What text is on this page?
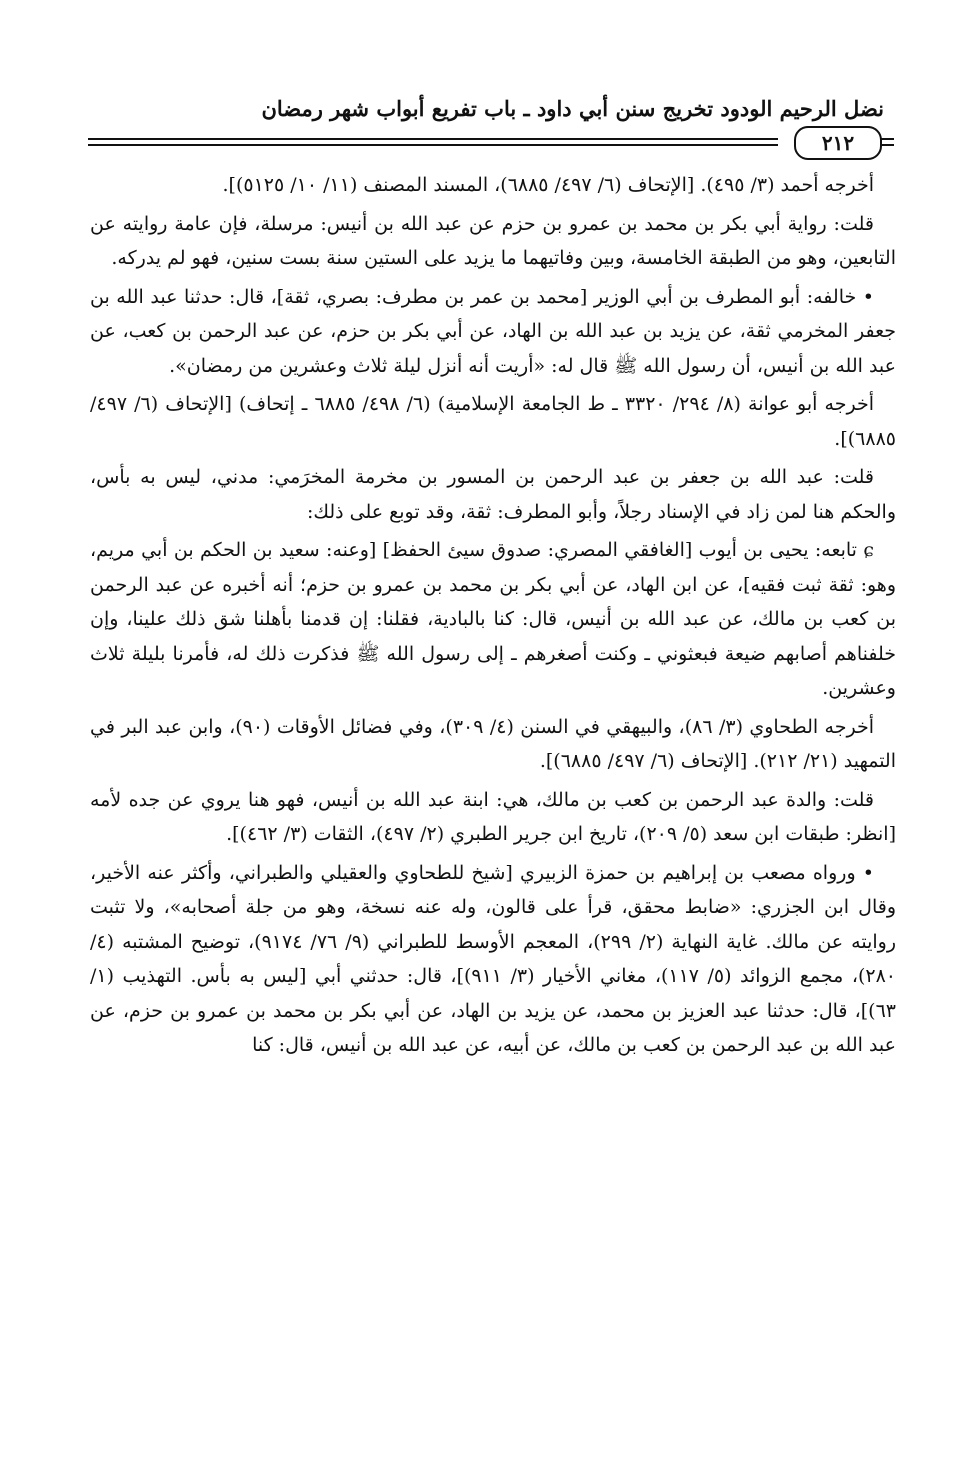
نضل الرحيم الودود تخريج سنن أبي داود ـ باب تفريع أبواب شهر رمضان
٢١٢

أخرجه أحمد (٣/ ٤٩٥). [الإتحاف (٦/ ٤٩٧/ ٦٨٨٥)، المسند المصنف (١١/ ١٠/ ٥١٢٥)].

قلت: رواية أبي بكر بن محمد بن عمرو بن حزم عن عبد الله بن أنيس: مرسلة، فإن عامة روايته عن التابعين، وهو من الطبقة الخامسة، وبين وفاتيهما ما يزيد على الستين سنة بست سنين، فهو لم يدركه.

• خالفه: أبو المطرف بن أبي الوزير [محمد بن عمر بن مطرف: بصري، ثقة]، قال: حدثنا عبد الله بن جعفر المخرمي ثقة، عن يزيد بن عبد الله بن الهاد، عن أبي بكر بن حزم، عن عبد الرحمن بن كعب، عن عبد الله بن أنيس، أن رسول الله ﷺ قال له: «أريت أنه أنزل ليلة ثلاث وعشرين من رمضان».

أخرجه أبو عوانة (٨/ ٢٩٤/ ٣٣٢٠ ـ ط الجامعة الإسلامية) (٦/ ٤٩٨/ ٦٨٨٥ ـ إتحاف) [الإتحاف (٦/ ٤٩٧/ ٦٨٨٥)].

قلت: عبد الله بن جعفر بن عبد الرحمن بن المسور بن مخرمة المخرَمي: مدني، ليس به بأس، والحكم هنا لمن زاد في الإسناد رجلاً، وأبو المطرف: ثقة، وقد توبع على ذلك:

ɕ تابعه: يحيى بن أيوب [الغافقي المصري: صدوق سيئ الحفظ] [وعنه: سعيد بن الحكم بن أبي مريم، وهو: ثقة ثبت فقيه]، عن ابن الهاد، عن أبي بكر بن محمد بن عمرو بن حزم؛ أنه أخبره عن عبد الرحمن بن كعب بن مالك، عن عبد الله بن أنيس، قال: كنا بالبادية، فقلنا: إن قدمنا بأهلنا شق ذلك علينا، وإن خلفناهم أصابهم ضيعة فبعثوني ـ وكنت أصغرهم ـ إلى رسول الله ﷺ فذكرت ذلك له، فأمرنا بليلة ثلاث وعشرين.

أخرجه الطحاوي (٣/ ٨٦)، والبيهقي في السنن (٤/ ٣٠٩)، وفي فضائل الأوقات (٩٠)، وابن عبد البر في التمهيد (٢١/ ٢١٢). [الإتحاف (٦/ ٤٩٧/ ٦٨٨٥)].

قلت: والدة عبد الرحمن بن كعب بن مالك، هي: ابنة عبد الله بن أنيس، فهو هنا يروي عن جده لأمه [انظر: طبقات ابن سعد (٥/ ٢٠٩)، تاريخ ابن جرير الطبري (٢/ ٤٩٧)، الثقات (٣/ ٤٦٢)].

• ورواه مصعب بن إبراهيم بن حمزة الزبيري [شيخ للطحاوي والعقيلي والطبراني، وأكثر عنه الأخير، وقال ابن الجزري: «ضابط محقق، قرأ على قالون، وله عنه نسخة، وهو من جلة أصحابه»، ولا تثبت روايته عن مالك. غاية النهاية (٢/ ٢٩٩)، المعجم الأوسط للطبراني (٩/ ٧٦/ ٩١٧٤)، توضيح المشتبه (٤/ ٢٨٠)، مجمع الزوائد (٥/ ١١٧)، مغاني الأخيار (٣/ ٩١١)]، قال: حدثني أبي [ليس به بأس. التهذيب (١/ ٦٣)]، قال: حدثنا عبد العزيز بن محمد، عن يزيد بن الهاد، عن أبي بكر بن محمد بن عمرو بن حزم، عن عبد الله بن عبد الرحمن بن كعب بن مالك، عن أبيه، عن عبد الله بن أنيس، قال: كنا
